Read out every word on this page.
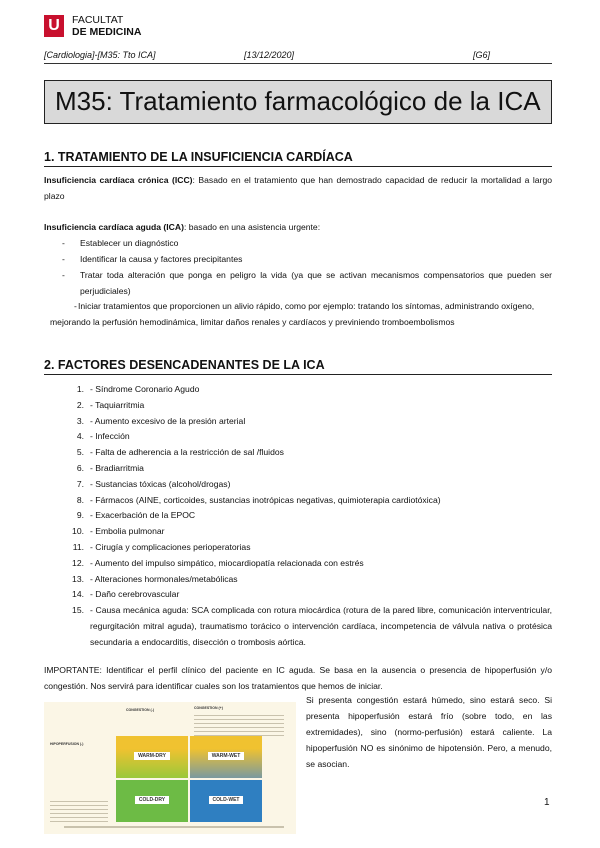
U	FACULTAT
DE MEDICINA
[Cardiologia]-[M35: Tto ICA]	[13/12/2020]	[G6]
M35: Tratamiento farmacológico de la ICA
1. TRATAMIENTO DE LA INSUFICIENCIA CARDÍACA
Insuficiencia cardíaca crónica (ICC): Basado en el tratamiento que han demostrado capacidad de reducir la mortalidad a largo plazo
Insuficiencia cardíaca aguda (ICA): basado en una asistencia urgente:
-	Establecer un diagnóstico
-	Identificar la causa y factores precipitantes
-	Tratar toda alteración que ponga en peligro la vida (ya que se activan mecanismos compensatorios que pueden ser perjudiciales)
-Iniciar tratamientos que proporcionen un alivio rápido, como por ejemplo: tratando los síntomas, administrando oxígeno, mejorando la perfusión hemodinámica, limitar daños renales y cardíacos y previniendo tromboembolismos
2. FACTORES DESENCADENANTES DE LA ICA
1. - Síndrome Coronario Agudo
2. - Taquiarritmia
3. - Aumento excesivo de la presión arterial
4. - Infección
5. - Falta de adherencia a la restricción de sal /fluidos
6. - Bradiarritmia
7. - Sustancias tóxicas (alcohol/drogas)
8. - Fármacos (AINE, corticoides, sustancias inotrópicas negativas, quimioterapia cardiotóxica)
9. - Exacerbación de la EPOC
10. - Embolia pulmonar
11. - Cirugía y complicaciones perioperatorias
12. - Aumento del impulso simpático, miocardiopatía relacionada con estrés
13. - Alteraciones hormonales/metabólicas
14. - Daño cerebrovascular
15. - Causa mecánica aguda: SCA complicada con rotura miocárdica (rotura de la pared libre, comunicación interventricular, regurgitación mitral aguda), traumatismo torácico o intervención cardíaca, incompetencia de válvula nativa o protésica secundaria a endocarditis, disección o trombosis aórtica.
IMPORTANTE: Identificar el perfil clínico del paciente en IC aguda. Se basa en la ausencia o presencia de hipoperfusión y/o congestión. Nos servirá para identificar cuales son los tratamientos que hemos de iniciar.
CONGESTION (-)	CONGESTION (+)
HIPOPERFUSION (-)
WARM-DRY	WARM-WET
COLD-DRY	COLD-WET
Si presenta congestión estará húmedo, sino estará seco. Si presenta hipoperfusión estará frío (sobre todo, en las extremidades), sino (normo-perfusión) estará caliente. La hipoperfusión NO es sinónimo de hipotensión. Pero, a menudo, se asocian.
1
